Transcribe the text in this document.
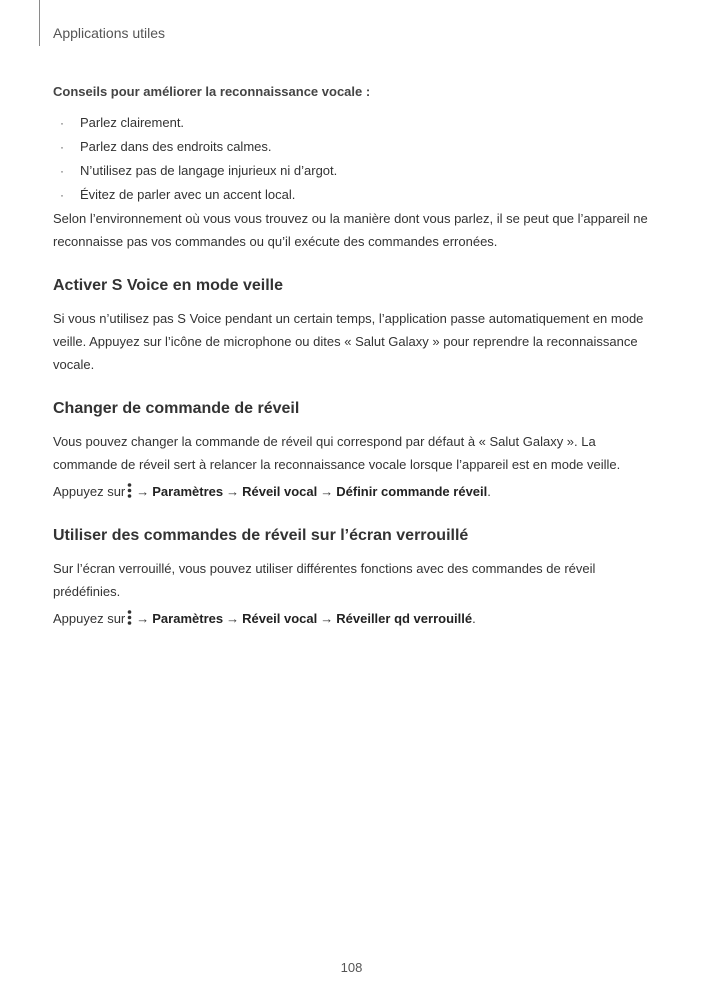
Applications utiles
Conseils pour améliorer la reconnaissance vocale :
· Parlez clairement.
· Parlez dans des endroits calmes.
· N’utilisez pas de langage injurieux ni d’argot.
· Évitez de parler avec un accent local.

Selon l’environnement où vous vous trouvez ou la manière dont vous parlez, il se peut que l’appareil ne reconnaisse pas vos commandes ou qu’il exécute des commandes erronées.

Activer S Voice en mode veille

Si vous n’utilisez pas S Voice pendant un certain temps, l’application passe automatiquement en mode veille. Appuyez sur l’icône de microphone ou dites « Salut Galaxy » pour reprendre la reconnaissance vocale.

Changer de commande de réveil

Vous pouvez changer la commande de réveil qui correspond par défaut à « Salut Galaxy ». La commande de réveil sert à relancer la reconnaissance vocale lorsque l’appareil est en mode veille.

Appuyez sur → Paramètres → Réveil vocal → Définir commande réveil.

Utiliser des commandes de réveil sur l’écran verrouillé

Sur l’écran verrouillé, vous pouvez utiliser différentes fonctions avec des commandes de réveil prédéfinies.

Appuyez sur → Paramètres → Réveil vocal → Réveiller qd verrouillé.

108
